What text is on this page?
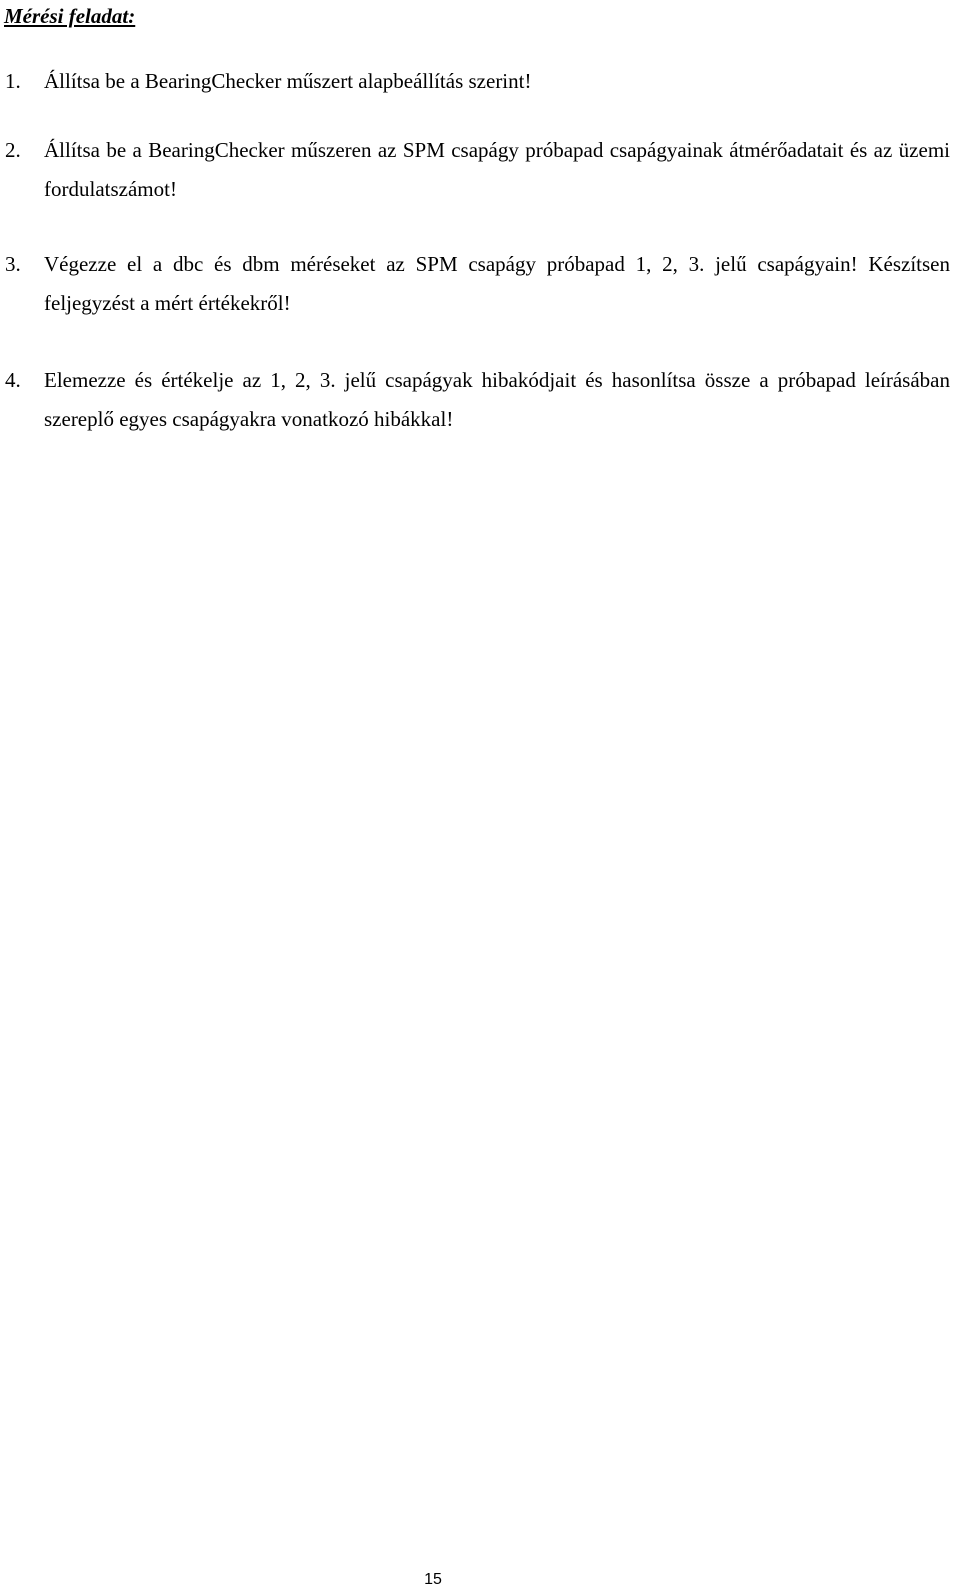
Mérési feladat:
1. Állítsa be a BearingChecker műszert alapbeállítás szerint!

2. Állítsa be a BearingChecker műszeren az SPM csapágy próbapad csapágyainak átmérőadatait és az üzemi fordulatszámot!

3. Végezze el a dbc és dbm méréseket az SPM csapágy próbapad 1, 2, 3. jelű csapágyain! Készítsen feljegyzést a mért értékekről!

4. Elemezze és értékelje az 1, 2, 3. jelű csapágyak hibakódjait és hasonlítsa össze a próbapad leírásában szereplő egyes csapágyakra vonatkozó hibákkal!

15
